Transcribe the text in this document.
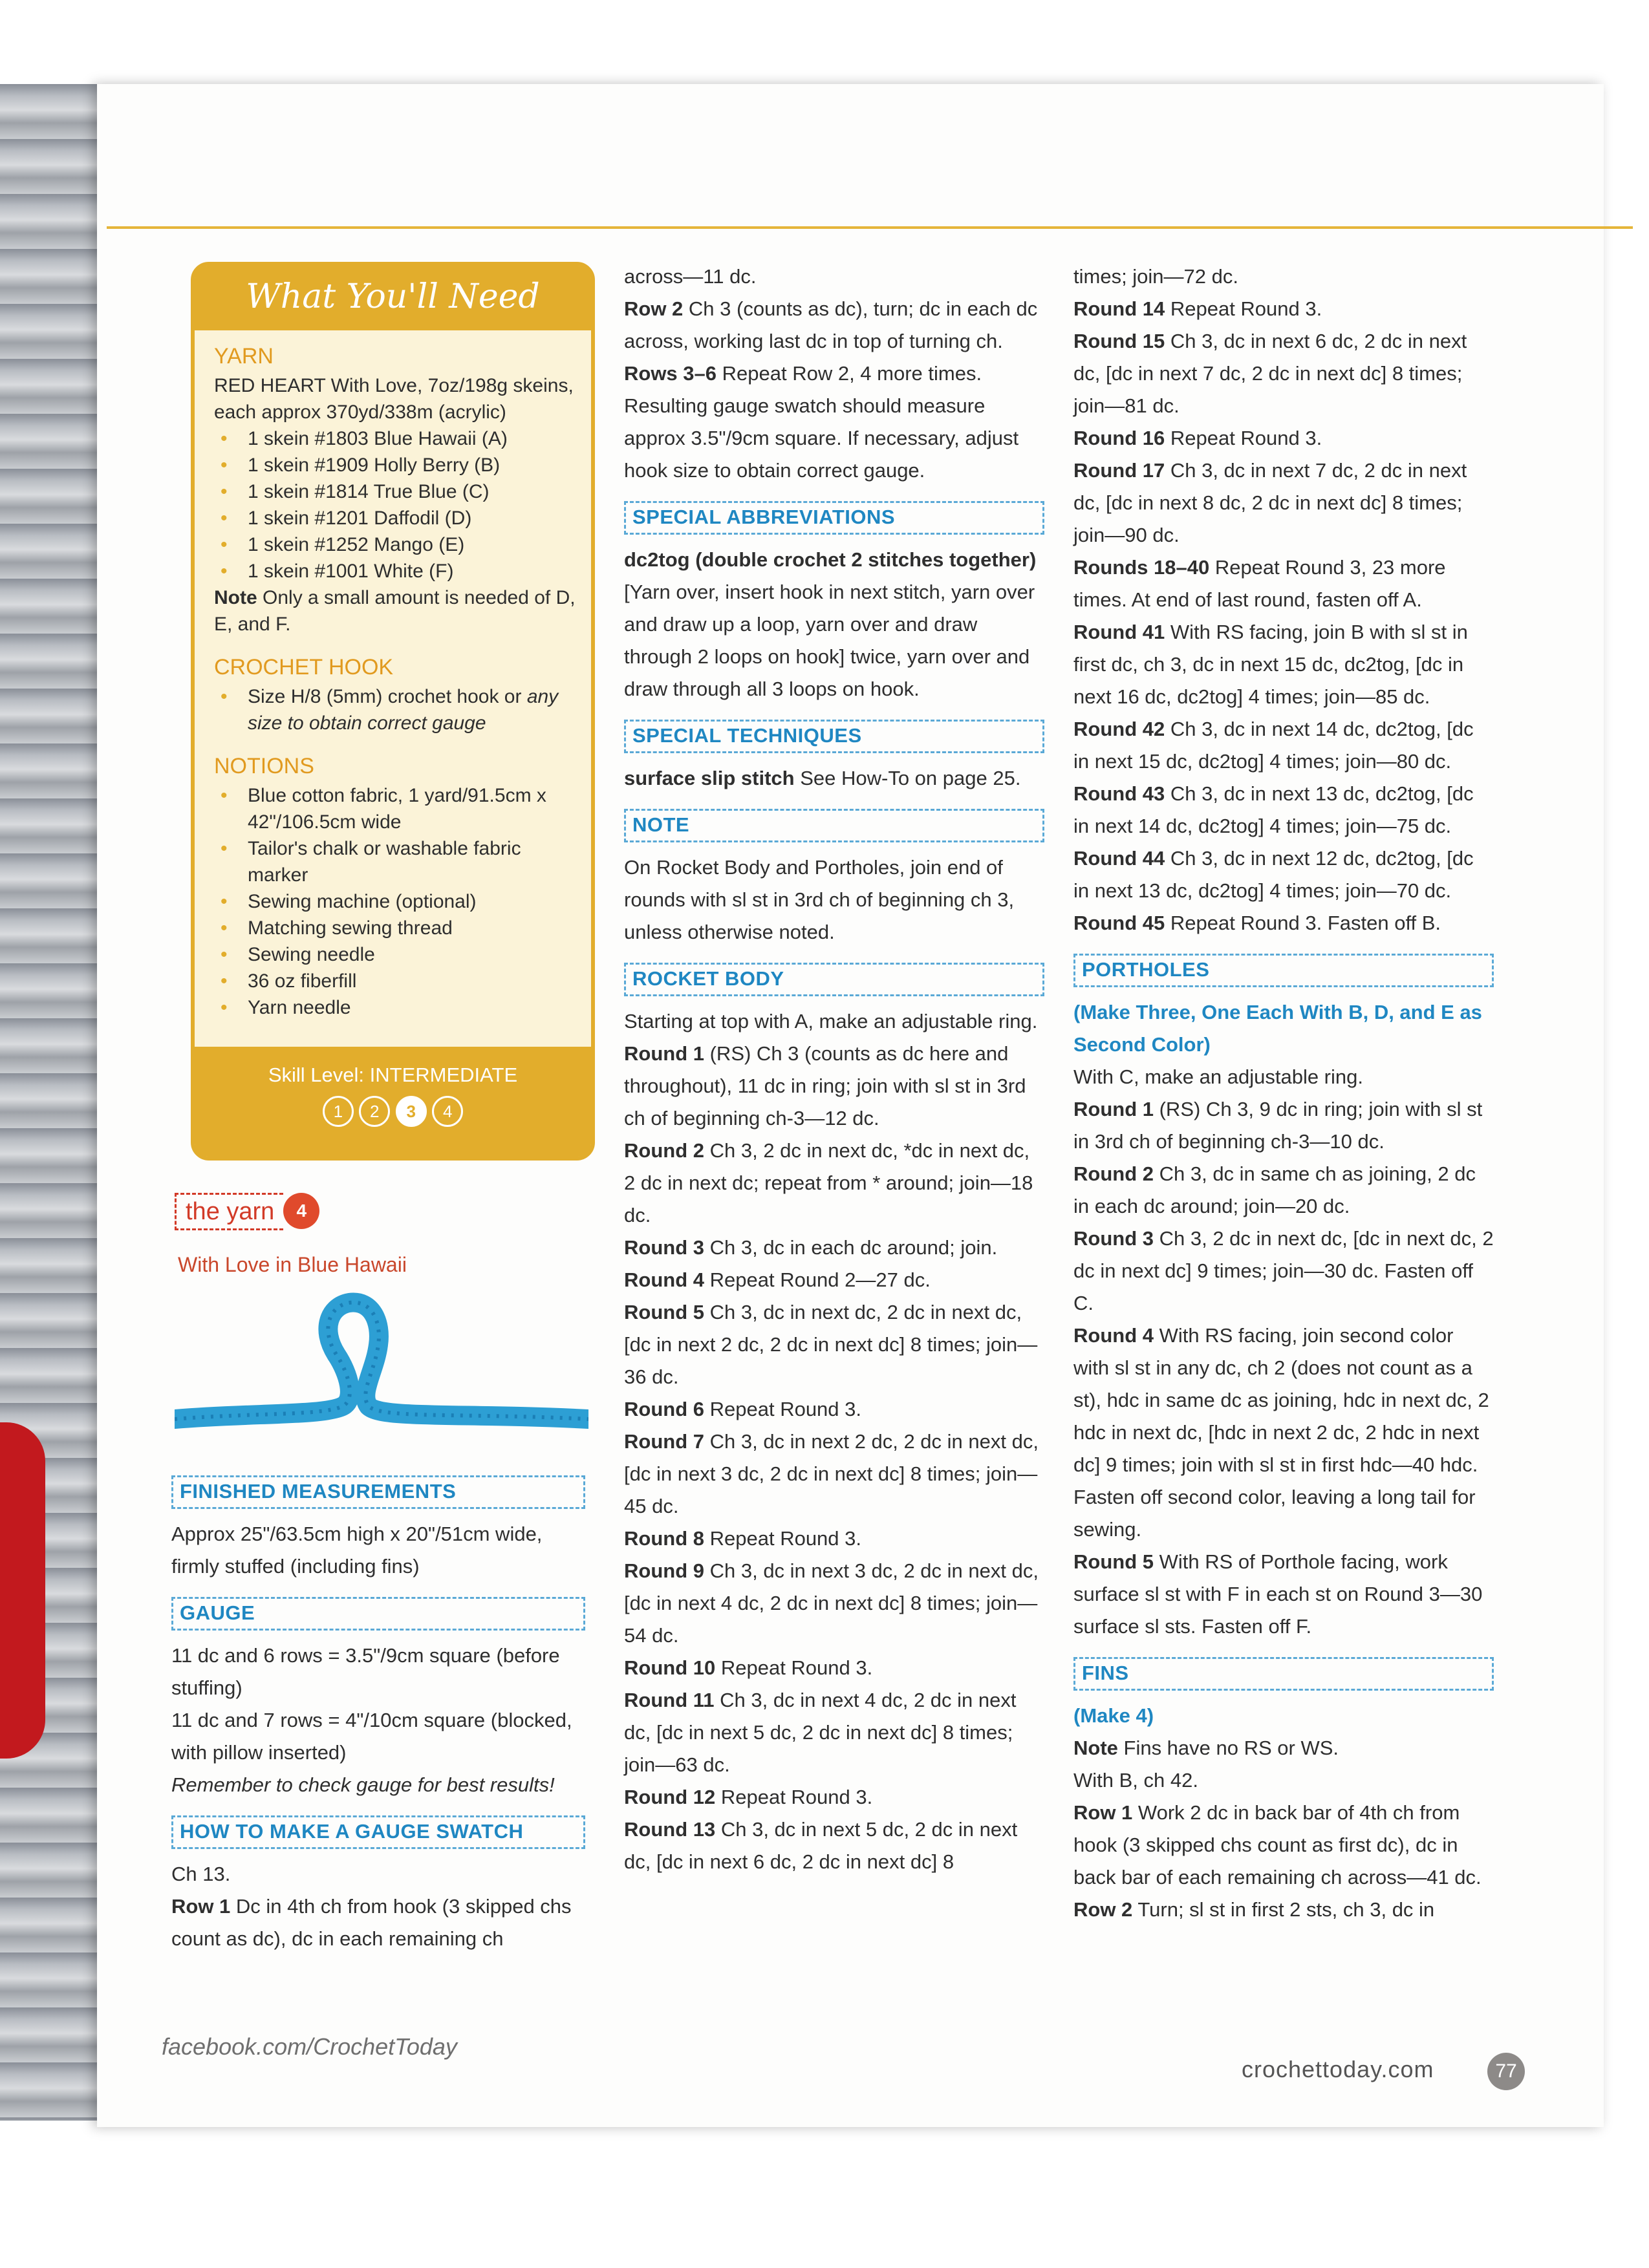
What You'll Need
YARN
RED HEART With Love, 7oz/198g skeins, each approx 370yd/338m (acrylic)
• 1 skein #1803 Blue Hawaii (A)
• 1 skein #1909 Holly Berry (B)
• 1 skein #1814 True Blue (C)
• 1 skein #1201 Daffodil (D)
• 1 skein #1252 Mango (E)
• 1 skein #1001 White (F)
Note Only a small amount is needed of D, E, and F.
CROCHET HOOK
• Size H/8 (5mm) crochet hook or any size to obtain correct gauge
NOTIONS
• Blue cotton fabric, 1 yard/91.5cm x 42"/106.5cm wide
• Tailor's chalk or washable fabric marker
• Sewing machine (optional)
• Matching sewing thread
• Sewing needle
• 36 oz fiberfill
• Yarn needle
Skill Level: INTERMEDIATE
1 2 3 4
the yarn 4
With Love in Blue Hawaii
FINISHED MEASUREMENTS

Approx 25"/63.5cm high x 20"/51cm wide, firmly stuffed (including fins)

GAUGE

11 dc and 6 rows = 3.5"/9cm square (before stuffing)

11 dc and 7 rows = 4"/10cm square (blocked, with pillow inserted)

Remember to check gauge for best results!

HOW TO MAKE A GAUGE SWATCH

Ch 13.

Row 1 Dc in 4th ch from hook (3 skipped chs count as dc), dc in each remaining ch

across—11 dc.

Row 2 Ch 3 (counts as dc), turn; dc in each dc across, working last dc in top of turning ch.

Rows 3–6 Repeat Row 2, 4 more times. Resulting gauge swatch should measure approx 3.5"/9cm square. If necessary, adjust hook size to obtain correct gauge.

SPECIAL ABBREVIATIONS

dc2tog (double crochet 2 stitches together) [Yarn over, insert hook in next stitch, yarn over and draw up a loop, yarn over and draw through 2 loops on hook] twice, yarn over and draw through all 3 loops on hook.

SPECIAL TECHNIQUES

surface slip stitch See How-To on page 25.

NOTE

On Rocket Body and Portholes, join end of rounds with sl st in 3rd ch of beginning ch 3, unless otherwise noted.

ROCKET BODY

Starting at top with A, make an adjustable ring.

Round 1 (RS) Ch 3 (counts as dc here and throughout), 11 dc in ring; join with sl st in 3rd ch of beginning ch-3—12 dc.

Round 2 Ch 3, 2 dc in next dc, *dc in next dc, 2 dc in next dc; repeat from * around; join—18 dc.

Round 3 Ch 3, dc in each dc around; join.

Round 4 Repeat Round 2—27 dc.

Round 5 Ch 3, dc in next dc, 2 dc in next dc, [dc in next 2 dc, 2 dc in next dc] 8 times; join—36 dc.

Round 6 Repeat Round 3.

Round 7 Ch 3, dc in next 2 dc, 2 dc in next dc, [dc in next 3 dc, 2 dc in next dc] 8 times; join—45 dc.

Round 8 Repeat Round 3.

Round 9 Ch 3, dc in next 3 dc, 2 dc in next dc, [dc in next 4 dc, 2 dc in next dc] 8 times; join—54 dc.

Round 10 Repeat Round 3.

Round 11 Ch 3, dc in next 4 dc, 2 dc in next dc, [dc in next 5 dc, 2 dc in next dc] 8 times; join—63 dc.

Round 12 Repeat Round 3.

Round 13 Ch 3, dc in next 5 dc, 2 dc in next dc, [dc in next 6 dc, 2 dc in next dc] 8

times; join—72 dc.

Round 14 Repeat Round 3.

Round 15 Ch 3, dc in next 6 dc, 2 dc in next dc, [dc in next 7 dc, 2 dc in next dc] 8 times; join—81 dc.

Round 16 Repeat Round 3.

Round 17 Ch 3, dc in next 7 dc, 2 dc in next dc, [dc in next 8 dc, 2 dc in next dc] 8 times; join—90 dc.

Rounds 18–40 Repeat Round 3, 23 more times. At end of last round, fasten off A.

Round 41 With RS facing, join B with sl st in first dc, ch 3, dc in next 15 dc, dc2tog, [dc in next 16 dc, dc2tog] 4 times; join—85 dc.

Round 42 Ch 3, dc in next 14 dc, dc2tog, [dc in next 15 dc, dc2tog] 4 times; join—80 dc.

Round 43 Ch 3, dc in next 13 dc, dc2tog, [dc in next 14 dc, dc2tog] 4 times; join—75 dc.

Round 44 Ch 3, dc in next 12 dc, dc2tog, [dc in next 13 dc, dc2tog] 4 times; join—70 dc.

Round 45 Repeat Round 3. Fasten off B.

PORTHOLES

(Make Three, One Each With B, D, and E as Second Color)

With C, make an adjustable ring.

Round 1 (RS) Ch 3, 9 dc in ring; join with sl st in 3rd ch of beginning ch-3—10 dc.

Round 2 Ch 3, dc in same ch as joining, 2 dc in each dc around; join—20 dc.

Round 3 Ch 3, 2 dc in next dc, [dc in next dc, 2 dc in next dc] 9 times; join—30 dc. Fasten off C.

Round 4 With RS facing, join second color with sl st in any dc, ch 2 (does not count as a st), hdc in same dc as joining, hdc in next dc, 2 hdc in next dc, [hdc in next 2 dc, 2 hdc in next dc] 9 times; join with sl st in first hdc—40 hdc. Fasten off second color, leaving a long tail for sewing.

Round 5 With RS of Porthole facing, work surface sl st with F in each st on Round 3—30 surface sl sts. Fasten off F.

FINS

(Make 4)

Note Fins have no RS or WS.

With B, ch 42.

Row 1 Work 2 dc in back bar of 4th ch from hook (3 skipped chs count as first dc), dc in back bar of each remaining ch across—41 dc.

Row 2 Turn; sl st in first 2 sts, ch 3, dc in

facebook.com/CrochetToday
crochettoday.com	77
